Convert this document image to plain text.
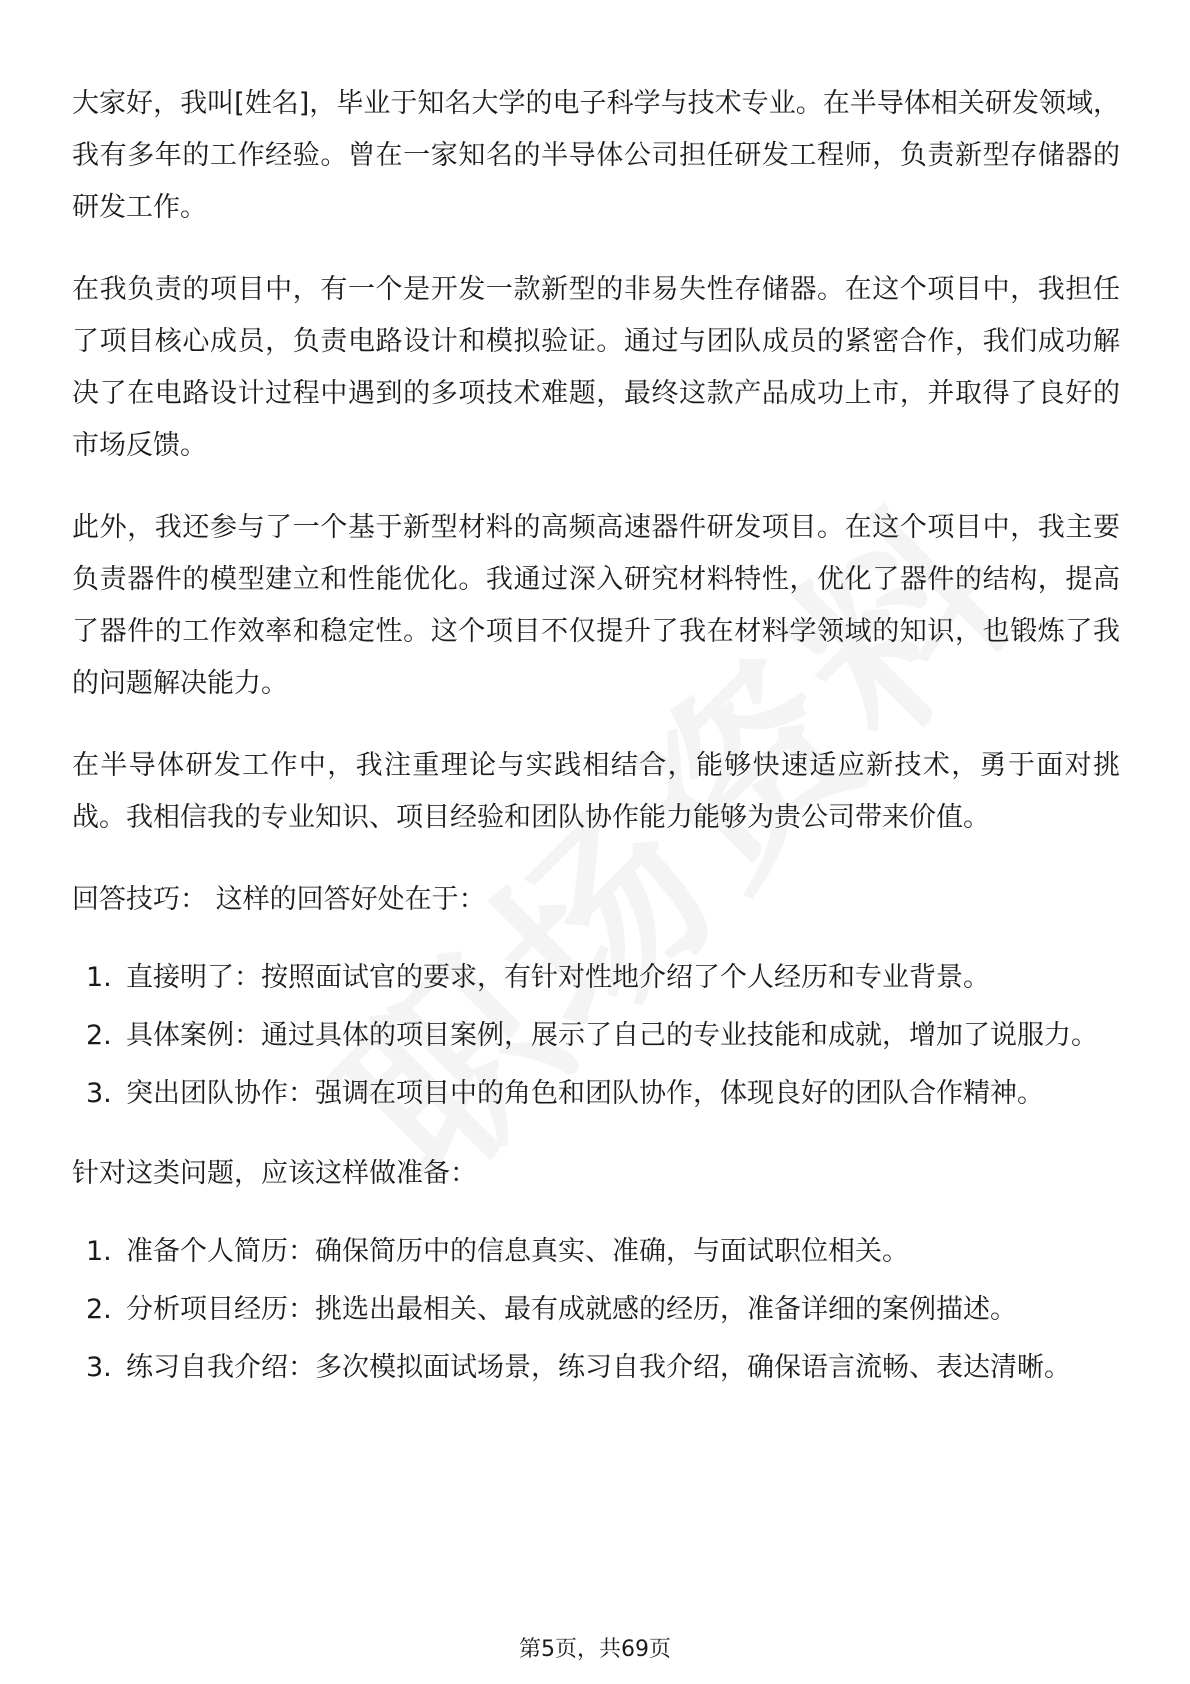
大家好，我叫[姓名]，毕业于知名大学的电子科学与技术专业。在半导体相关研发领域，我有多年的工作经验。曾在一家知名的半导体公司担任研发工程师，负责新型存储器的研发工作。

在我负责的项目中，有一个是开发一款新型的非易失性存储器。在这个项目中，我担任了项目核心成员，负责电路设计和模拟验证。通过与团队成员的紧密合作，我们成功解决了在电路设计过程中遇到的多项技术难题，最终这款产品成功上市，并取得了良好的市场反馈。

此外，我还参与了一个基于新型材料的高频高速器件研发项目。在这个项目中，我主要负责器件的模型建立和性能优化。我通过深入研究材料特性，优化了器件的结构，提高了器件的工作效率和稳定性。这个项目不仅提升了我在材料学领域的知识，也锻炼了我的问题解决能力。

在半导体研发工作中，我注重理论与实践相结合，能够快速适应新技术，勇于面对挑战。我相信我的专业知识、项目经验和团队协作能力能够为贵公司带来价值。

回答技巧： 这样的回答好处在于：

1. 直接明了：按照面试官的要求，有针对性地介绍了个人经历和专业背景。
2. 具体案例：通过具体的项目案例，展示了自己的专业技能和成就，增加了说服力。
3. 突出团队协作：强调在项目中的角色和团队协作，体现良好的团队合作精神。

针对这类问题，应该这样做准备：

1. 准备个人简历：确保简历中的信息真实、准确，与面试职位相关。
2. 分析项目经历：挑选出最相关、最有成就感的经历，准备详细的案例描述。
3. 练习自我介绍：多次模拟面试场景，练习自我介绍，确保语言流畅、表达清晰。
第5页，共69页
